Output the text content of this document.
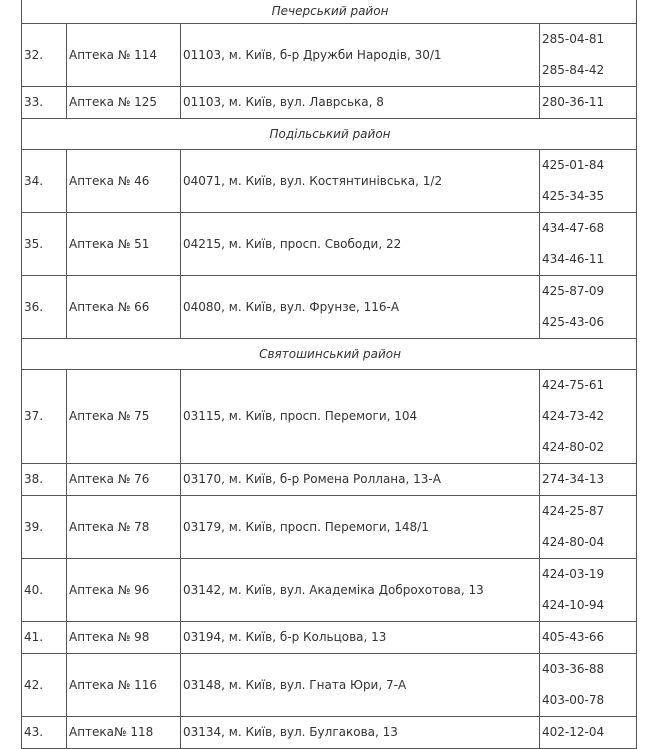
Печерський район			
32.	Аптека № 114	01103, м. Київ, б-р Дружби Народів, 30/1	285-04-81
285-84-42

33.	Аптека № 125	01103, м. Київ, вул. Лаврська, 8	280-36-11

Подільський район			
34.	Аптека № 46	04071, м. Київ, вул. Костянтинівська, 1/2	425-01-84
425-34-35

35.	Аптека № 51	04215, м. Київ, просп. Свободи, 22	434-47-68
434-46-11

36.	Аптека № 66	04080, м. Київ, вул. Фрунзе, 116-А	425-87-09
425-43-06

Святошинський район			
37.	Аптека № 75	03115, м. Київ, просп. Перемоги, 104	424-75-61
424-73-42
424-80-02

38.	Аптека № 76	03170, м. Київ, б-р Ромена Роллана, 13-А	274-34-13

39.	Аптека № 78	03179, м. Київ, просп. Перемоги, 148/1	424-25-87
424-80-04

40.	Аптека № 96	03142, м. Київ, вул. Академіка Доброхотова, 13	424-03-19
424-10-94

41.	Аптека № 98	03194, м. Київ, б-р Кольцова, 13	405-43-66

42.	Аптека № 116	03148, м. Київ, вул. Гната Юри, 7-А	403-36-88
403-00-78

43.	Аптека№ 118	03134, м. Київ, вул. Булгакова, 13	402-12-04
